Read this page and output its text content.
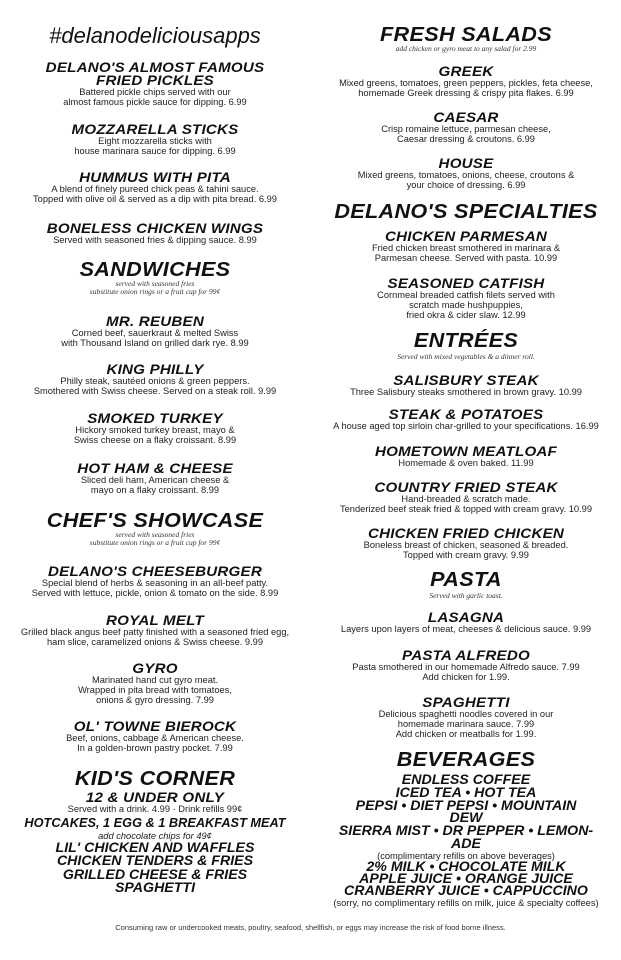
#delanodeliciousapps
DELANO'S ALMOST FAMOUS
FRIED PICKLES
Battered pickle chips served with our
almost famous pickle sauce for dipping. 6.99
MOZZARELLA STICKS
Eight mozzarella sticks with
house marinara sauce for dipping. 6.99
HUMMUS WITH PITA
A blend of finely pureed chick peas & tahini sauce.
Topped with olive oil & served as a dip with pita bread. 6.99
BONELESS CHICKEN WINGS
Served with seasoned fries & dipping sauce. 8.99
SANDWICHES
served with seasoned fries
substitute onion rings or a fruit cup for 99¢
MR. REUBEN
Corned beef, sauerkraut & melted Swiss
with Thousand Island on grilled dark rye. 8.99
KING PHILLY
Philly steak, sautéed onions & green peppers.
Smothered with Swiss cheese. Served on a steak roll. 9.99
SMOKED TURKEY
Hickory smoked turkey breast, mayo &
Swiss cheese on a flaky croissant. 8.99
HOT HAM & CHEESE
Sliced deli ham, American cheese &
mayo on a flaky croissant. 8.99
CHEF'S SHOWCASE
served with seasoned fries
substitute onion rings or a fruit cup for 99¢
DELANO'S CHEESEBURGER
Special blend of herbs & seasoning in an all-beef patty.
Served with lettuce, pickle, onion & tomato on the side. 8.99
ROYAL MELT
Grilled black angus beef patty finished with a seasoned fried egg,
ham slice, caramelized onions & Swiss cheese. 9.99
GYRO
Marinated hand cut gyro meat.
Wrapped in pita bread with tomatoes,
onions & gyro dressing. 7.99
OL' TOWNE BIEROCK
Beef, onions, cabbage & American cheese.
In a golden-brown pastry pocket. 7.99
KID'S CORNER
12 & UNDER ONLY
Served with a drink. 4.99 · Drink refills 99¢
HOTCAKES, 1 EGG & 1 BREAKFAST MEAT
add chocolate chips for 49¢
LIL' CHICKEN AND WAFFLES
CHICKEN TENDERS & FRIES
GRILLED CHEESE & FRIES
SPAGHETTI
FRESH SALADS
add chicken or gyro meat to any salad for 2.99
GREEK
Mixed greens, tomatoes, green peppers, pickles, feta cheese,
homemade Greek dressing & crispy pita flakes. 6.99
CAESAR
Crisp romaine lettuce, parmesan cheese,
Caesar dressing & croutons. 6.99
HOUSE
Mixed greens, tomatoes, onions, cheese, croutons &
your choice of dressing. 6.99
DELANO'S SPECIALTIES
CHICKEN PARMESAN
Fried chicken breast smothered in marinara &
Parmesan cheese. Served with pasta. 10.99
SEASONED CATFISH
Cornmeal breaded catfish filets served with
scratch made hushpuppies,
fried okra & cider slaw. 12.99
ENTRÉES
Served with mixed vegetables & a dinner roll.
SALISBURY STEAK
Three Salisbury steaks smothered in brown gravy. 10.99
STEAK & POTATOES
A house aged top sirloin char-grilled to your specifications. 16.99
HOMETOWN MEATLOAF
Homemade & oven baked. 11.99
COUNTRY FRIED STEAK
Hand-breaded & scratch made.
Tenderized beef steak fried & topped with cream gravy. 10.99
CHICKEN FRIED CHICKEN
Boneless breast of chicken, seasoned & breaded.
Topped with cream gravy. 9.99
PASTA
Served with garlic toast.
LASAGNA
Layers upon layers of meat, cheeses & delicious sauce. 9.99
PASTA ALFREDO
Pasta smothered in our homemade Alfredo sauce. 7.99
Add chicken for 1.99.
SPAGHETTI
Delicious spaghetti noodles covered in our
homemade marinara sauce. 7.99
Add chicken or meatballs for 1.99.
BEVERAGES
ENDLESS COFFEE
ICED TEA • HOT TEA
PEPSI • DIET PEPSI • MOUNTAIN
DEW
SIERRA MIST • DR PEPPER • LEMON-
ADE
(complimentary refills on above beverages)
2% MILK • CHOCOLATE MILK
APPLE JUICE • ORANGE JUICE
CRANBERRY JUICE • CAPPUCCINO
(sorry, no complimentary refills on milk, juice & specialty coffees)
Consuming raw or undercooked meats, poultry, seafood, shellfish, or eggs may increase the risk of food borne illness.
